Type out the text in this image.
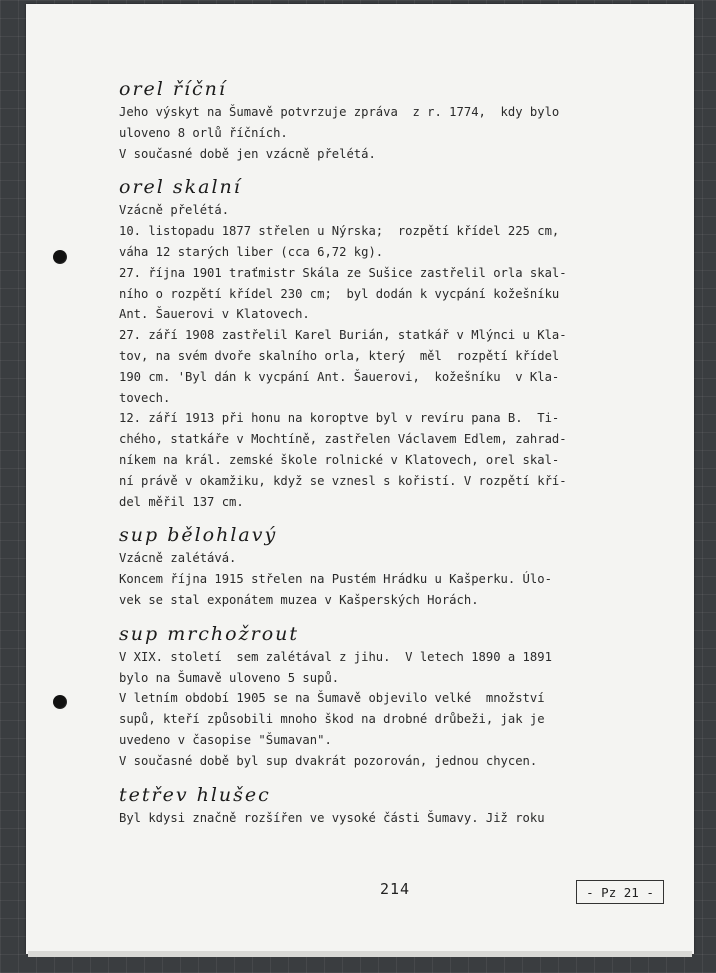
orel říční
Jeho výskyt na Šumavě potvrzuje zpráva  z r. 1774,  kdy bylo
uloveno 8 orlů říčních.
V současné době jen vzácně přelétá.
orel skalní
Vzácně přelétá.
10. listopadu 1877 střelen u Nýrska;  rozpětí křídel 225 cm,
váha 12 starých liber (cca 6,72 kg).
27. října 1901 traťmistr Skála ze Sušice zastřelil orla skal-
ního o rozpětí křídel 230 cm;  byl dodán k vycpání kožešníku
Ant. Šauerovi v Klatovech.
27. září 1908 zastřelil Karel Burián, statkář v Mlýnci u Kla-
tov, na svém dvoře skalního orla, který  měl  rozpětí křídel
190 cm. 'Byl dán k vycpání Ant. Šauerovi,  kožešníku  v Kla-
tovech.
12. září 1913 při honu na koroptve byl v revíru pana B.  Ti-
chého, statkáře v Mochtíně, zastřelen Václavem Edlem, zahrad-
níkem na král. zemské škole rolnické v Klatovech, orel skal-
ní právě v okamžiku, když se vznesl s kořistí. V rozpětí kří-
del měřil 137 cm.
sup bělohlavý
Vzácně zalétává.
Koncem října 1915 střelen na Pustém Hrádku u Kašperku. Úlo-
vek se stal exponátem muzea v Kašperských Horách.
sup mrchožrout
V XIX. století  sem zalétával z jihu.  V letech 1890 a 1891
bylo na Šumavě uloveno 5 supů.
V letním období 1905 se na Šumavě objevilo velké  množství
supů, kteří způsobili mnoho škod na drobné drůbeži, jak je
uvedeno v časopise "Šumavan".
V současné době byl sup dvakrát pozorován, jednou chycen.
tetřev hlušec
Byl kdysi značně rozšířen ve vysoké části Šumavy. Již roku
214	- Pz 21 -
